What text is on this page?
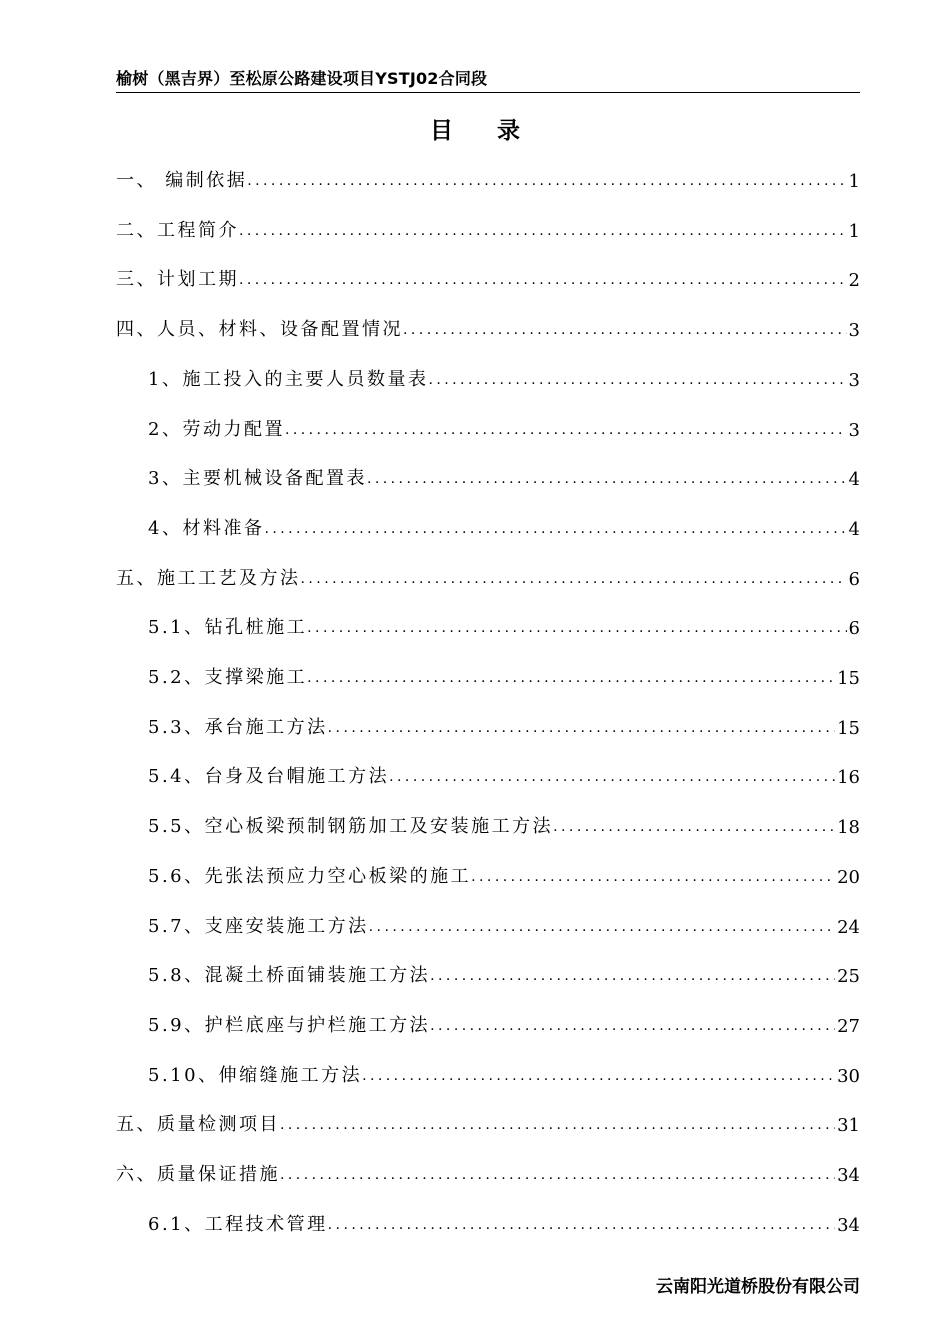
榆树（黑吉界）至松原公路建设项目YSTJ02合同段
目录
一、 编制依据 . . .	1
二、工程简介 . . .	1
三、计划工期 . . .	2
四、人员、材料、设备配置情况 . . .	3
1、施工投入的主要人员数量表 . . .	3
2、劳动力配置 . . .	3
3、主要机械设备配置表 . . .	4
4、材料准备 . . .	4
五、施工工艺及方法 . . .	6
5.1、钻孔桩施工 . . .	6
5.2、支撑梁施工 . . .	15
5.3、承台施工方法 . . .	15
5.4、台身及台帽施工方法 . . .	16
5.5、空心板梁预制钢筋加工及安装施工方法 . . .	18
5.6、先张法预应力空心板梁的施工 . . .	20
5.7、支座安装施工方法 . . .	24
5.8、混凝土桥面铺装施工方法 . . .	25
5.9、护栏底座与护栏施工方法 . . .	27
5.10、伸缩缝施工方法 . . .	30
五、质量检测项目 . . .	31
六、质量保证措施 . . .	34
6.1、工程技术管理 . . .	34
云南阳光道桥股份有限公司
